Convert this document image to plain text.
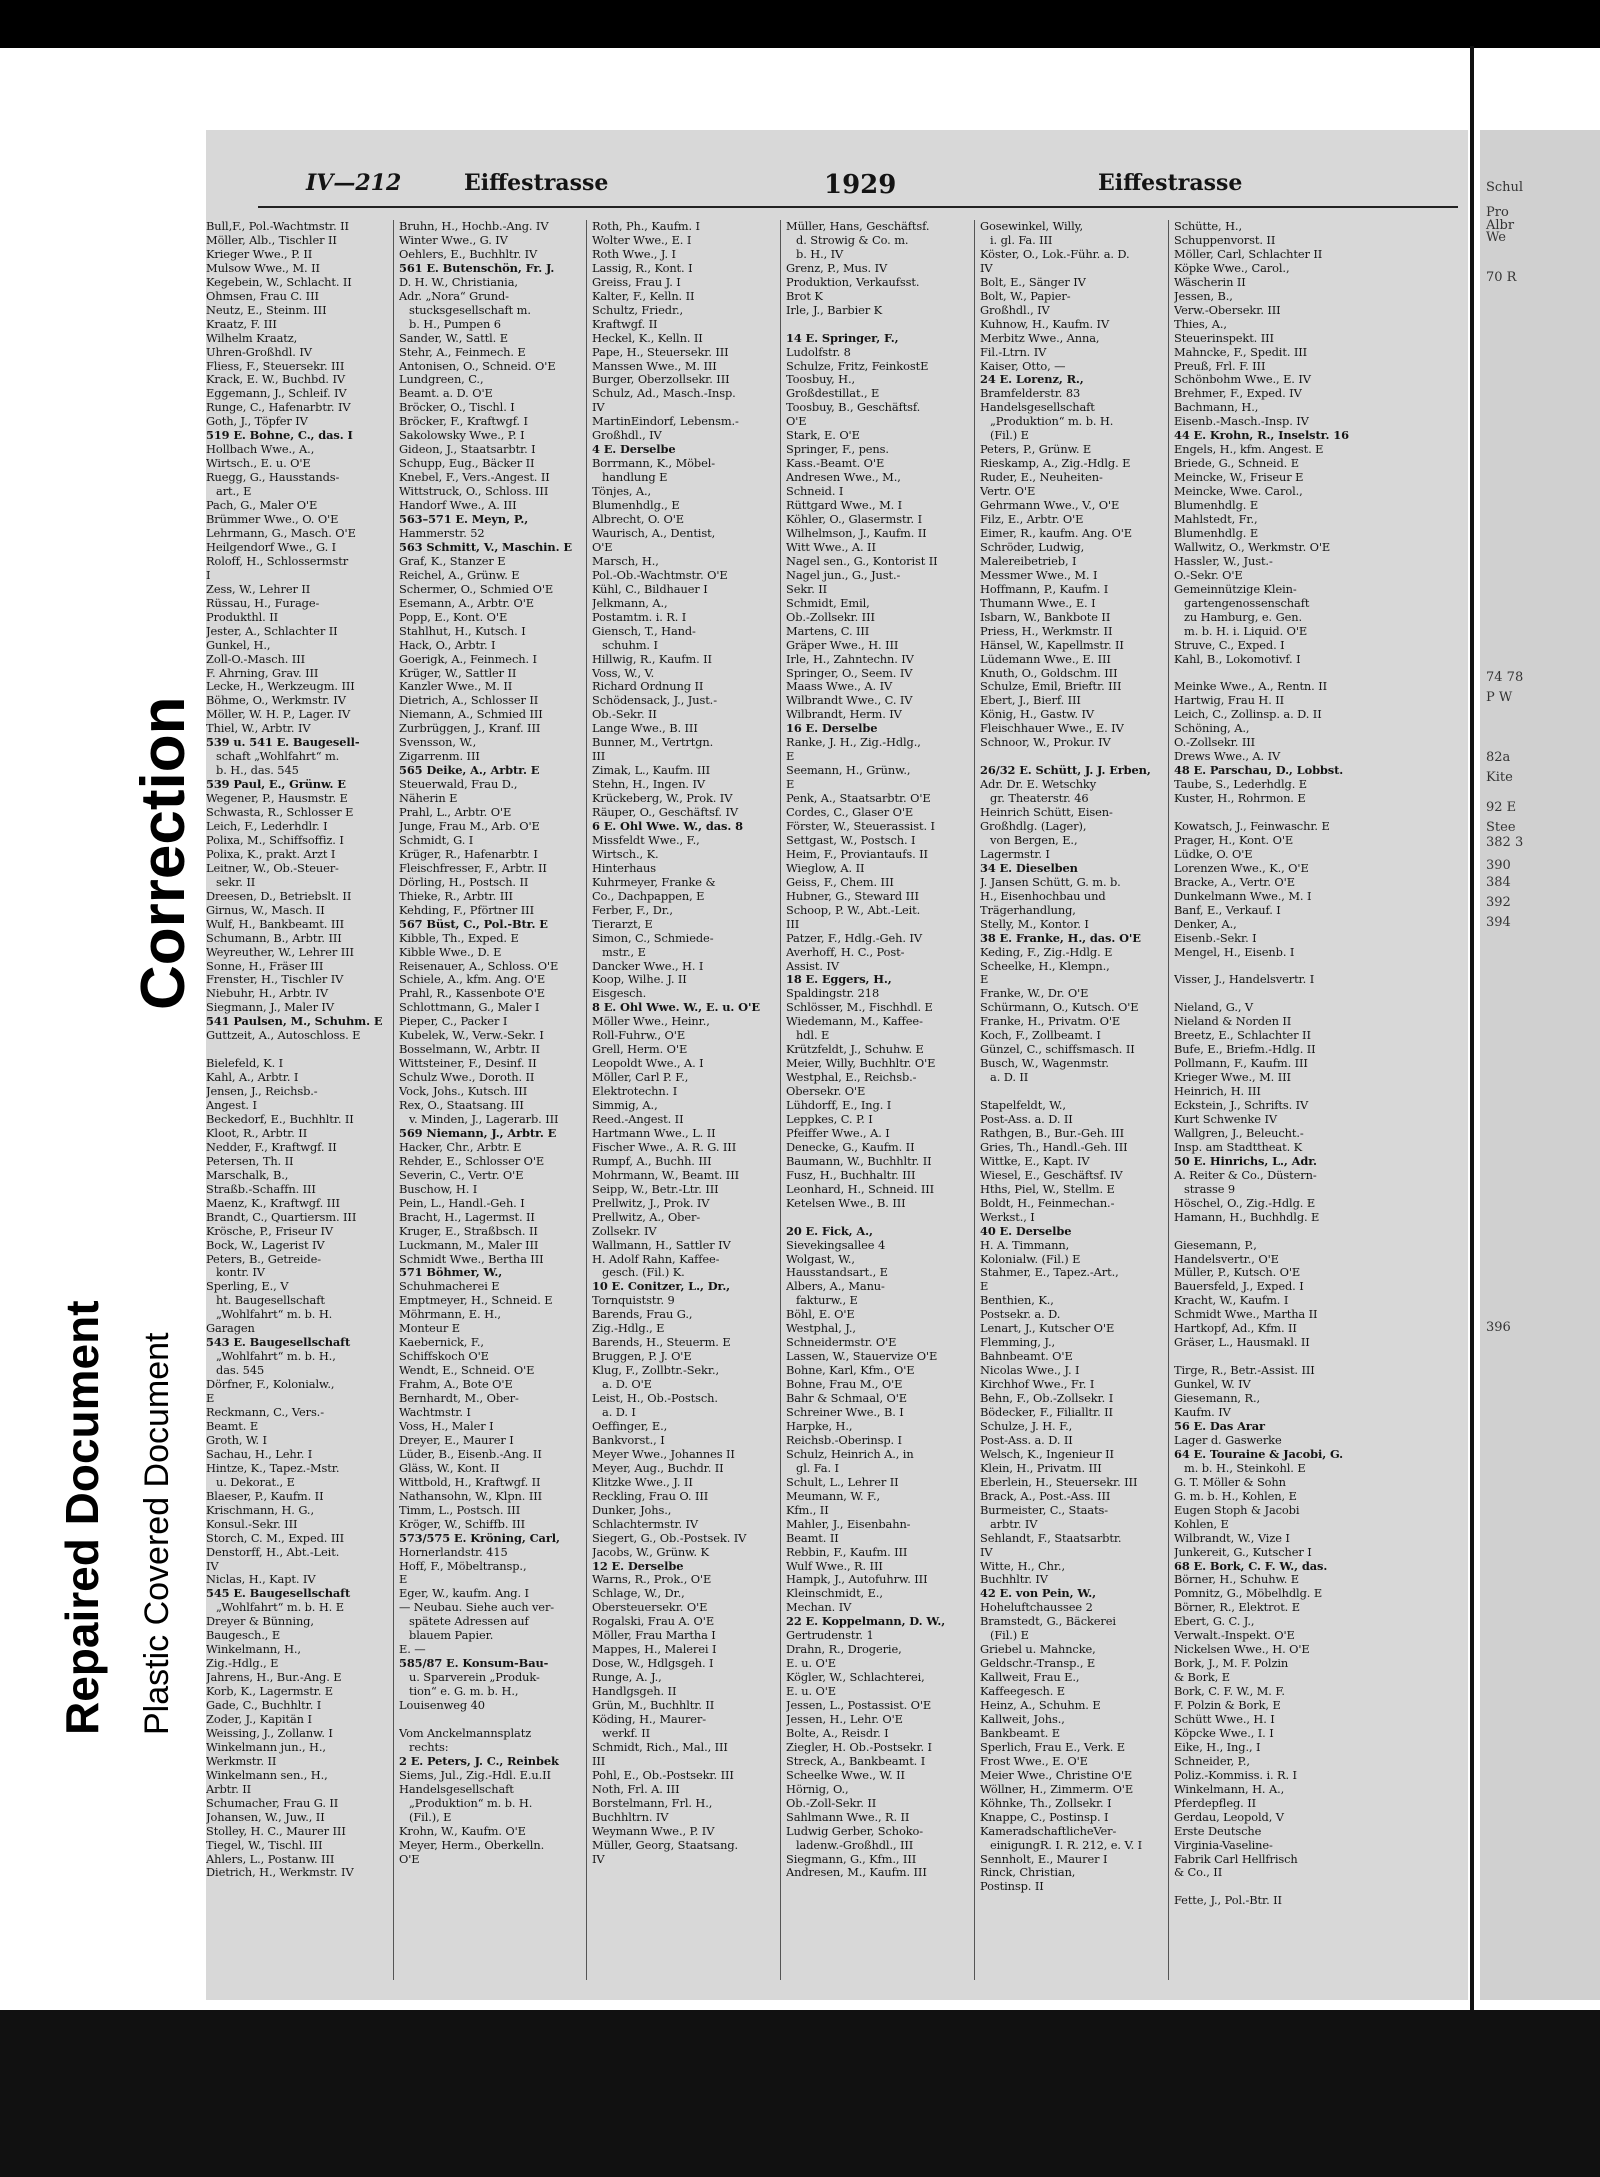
Correction
Repaired Document Plastic Covered Document
IV—212	Eiffestrasse	1929	Eiffestrasse
Bull,F., Pol.-Wachtmstr. II
Möller, Alb., Tischler II
Krieger Wwe., P. II
Mulsow Wwe., M. II
Kegebein, W., Schlacht. II
Ohmsen, Frau C. III
Neutz, E., Steinm. III
Kraatz, F. III
Wilhelm Kraatz,
Uhren-Großhdl. IV
Fliess, F., Steuersekr. III
Krack, E. W., Buchbd. IV
Eggemann, J., Schleif. IV
Runge, C., Hafenarbtr. IV
Goth, J., Töpfer IV
519 E. Bohne, C., das. I
Hollbach Wwe., A.,
Wirtsch., E. u. O'E
Ruegg, G., Hausstands-
art., E
Pach, G., Maler O'E
Brümmer Wwe., O. O'E
Lehrmann, G., Masch. O'E
Heilgendorf Wwe., G. I
Roloff, H., Schlossermstr
I
Zess, W., Lehrer II
Rüssau, H., Furage-
Produkthl. II
Jester, A., Schlachter II
Gunkel, H.,
Zoll-O.-Masch. III
F. Ahrning, Grav. III
Lecke, H., Werkzeugm. III
Böhme, O., Werkmstr. IV
Möller, W. H. P., Lager. IV
Thiel, W., Arbtr. IV
539 u. 541 E. Baugesell-
schaft „Wohlfahrt“ m.
b. H., das. 545
539 Paul, E., Grünw. E
Wegener, P., Hausmstr. E
Schwasta, R., Schlosser E
Leich, F., Lederhdlr. I
Polixa, M., Schiffsoffiz. I
Polixa, K., prakt. Arzt I
Leitner, W., Ob.-Steuer-
sekr. II
Dreesen, D., Betriebslt. II
Girnus, W., Masch. II
Wulf, H., Bankbeamt. III
Schumann, B., Arbtr. III
Weyreuther, W., Lehrer III
Sonne, H., Fräser III
Frenster, H., Tischler IV
Niebuhr, H., Arbtr. IV
Siegmann, J., Maler IV
541 Paulsen, M., Schuhm. E
Guttzeit, A., Autoschloss. E

Bielefeld, K. I
Kahl, A., Arbtr. I
Jensen, J., Reichsb.-
Angest. I
Beckedorf, E., Buchhltr. II
Kloot, R., Arbtr. II
Nedder, F., Kraftwgf. II
Petersen, Th. II
Marschalk, B.,
Straßb.-Schaffn. III
Maenz, K., Kraftwgf. III
Brandt, C., Quartiersm. III
Krösche, P., Friseur IV
Bock, W., Lagerist IV
Peters, B., Getreide-
kontr. IV
Sperling, E., V
ht. Baugesellschaft
„Wohlfahrt“ m. b. H.
Garagen
543 E. Baugesellschaft
„Wohlfahrt“ m. b. H.,
das. 545
Dörfner, F., Kolonialw.,
E
Reckmann, C., Vers.-
Beamt. E
Groth, W. I
Sachau, H., Lehr. I
Hintze, K., Tapez.-Mstr.
u. Dekorat., E
Blaeser, P., Kaufm. II
Krischmann, H. G.,
Konsul.-Sekr. III
Storch, C. M., Exped. III
Denstorff, H., Abt.-Leit.
IV
Niclas, H., Kapt. IV
545 E. Baugesellschaft
„Wohlfahrt“ m. b. H. E
Dreyer & Bünning,
Baugesch., E
Winkelmann, H.,
Zig.-Hdlg., E
Jahrens, H., Bur.-Ang. E
Korb, K., Lagermstr. E
Gade, C., Buchhltr. I
Zoder, J., Kapitän I
Weissing, J., Zollanw. I
Winkelmann jun., H.,
Werkmstr. II
Winkelmann sen., H.,
Arbtr. II
Schumacher, Frau G. II
Johansen, W., Juw., II
Stolley, H. C., Maurer III
Tiegel, W., Tischl. III
Ahlers, L., Postanw. III
Dietrich, H., Werkmstr. IV
Bruhn, H., Hochb.-Ang. IV
Winter Wwe., G. IV
Oehlers, E., Buchhltr. IV
561 E. Butenschön, Fr. J.
D. H. W., Christiania,
Adr. „Nora“ Grund-
stucksgesellschaft m.
b. H., Pumpen 6
Sander, W., Sattl. E
Stehr, A., Feinmech. E
Antonisen, O., Schneid. O'E
Lundgreen, C.,
Beamt. a. D. O'E
Bröcker, O., Tischl. I
Bröcker, F., Kraftwgf. I
Sakolowsky Wwe., P. I
Gideon, J., Staatsarbtr. I
Schupp, Eug., Bäcker II
Knebel, F., Vers.-Angest. II
Wittstruck, O., Schloss. III
Handorf Wwe., A. III
563–571 E. Meyn, P.,
Hammerstr. 52
563 Schmitt, V., Maschin. E
Graf, K., Stanzer E
Reichel, A., Grünw. E
Schermer, O., Schmied O'E
Esemann, A., Arbtr. O'E
Popp, E., Kont. O'E
Stahlhut, H., Kutsch. I
Hack, O., Arbtr. I
Goerigk, A., Feinmech. I
Krüger, W., Sattler II
Kanzler Wwe., M. II
Dietrich, A., Schlosser II
Niemann, A., Schmied III
Zurbrüggen, J., Kranf. III
Svensson, W.,
Zigarrenm. III
565 Deike, A., Arbtr. E
Steuerwald, Frau D.,
Näherin E
Prahl, L., Arbtr. O'E
Junge, Frau M., Arb. O'E
Schmidt, G. I
Krüger, R., Hafenarbtr. I
Fleischfresser, F., Arbtr. II
Dörling, H., Postsch. II
Thieke, R., Arbtr. III
Kehding, F., Pförtner III
567 Büst, C., Pol.-Btr. E
Kibble, Th., Exped. E
Kibble Wwe., D. E
Reisenauer, A., Schloss. O'E
Schiele, A., kfm. Ang. O'E
Prahl, R., Kassenbote O'E
Schlottmann, G., Maler I
Pieper, C., Packer I
Kubelek, W., Verw.-Sekr. I
Bosselmann, W., Arbtr. II
Wittsteiner, F., Desinf. II
Schulz Wwe., Doroth. II
Vock, Johs., Kutsch. III
Rex, O., Staatsang. III
v. Minden, J., Lagerarb. III
569 Niemann, J., Arbtr. E
Hacker, Chr., Arbtr. E
Rehder, E., Schlosser O'E
Severin, C., Vertr. O'E
Buschow, H. I
Pein, L., Handl.-Geh. I
Bracht, H., Lagermst. II
Kruger, E., Straßbsch. II
Luckmann, M., Maler III
Schmidt Wwe., Bertha III
571 Böhmer, W.,
Schuhmacherei E
Emptmeyer, H., Schneid. E
Möhrmann, E. H.,
Monteur E
Kaebernick, F.,
Schiffskoch O'E
Wendt, E., Schneid. O'E
Frahm, A., Bote O'E
Bernhardt, M., Ober-
Wachtmstr. I
Voss, H., Maler I
Dreyer, E., Maurer I
Lüder, B., Eisenb.-Ang. II
Gläss, W., Kont. II
Wittbold, H., Kraftwgf. II
Nathansohn, W., Klpn. III
Timm, L., Postsch. III
Kröger, W., Schiffb. III
573/575 E. Kröning, Carl,
Hornerlandstr. 415
Hoff, F., Möbeltransp.,
E
Eger, W., kaufm. Ang. I
— Neubau. Siehe auch ver-
spätete Adressen auf
blauem Papier.
E. —
585/87 E. Konsum-Bau-
u. Sparverein „Produk-
tion“ e. G. m. b. H.,
Louisenweg 40

Vom Anckelmannsplatz
rechts:
2 E. Peters, J. C., Reinbek
Siems, Jul., Zig.-Hdl. E.u.II
Handelsgesellschaft
„Produktion“ m. b. H.
(Fil.), E
Krohn, W., Kaufm. O'E
Meyer, Herm., Oberkelln.
O'E
Roth, Ph., Kaufm. I
Wolter Wwe., E. I
Roth Wwe., J. I
Lassig, R., Kont. I
Greiss, Frau J. I
Kalter, F., Kelln. II
Schultz, Friedr.,
Kraftwgf. II
Heckel, K., Kelln. II
Pape, H., Steuersekr. III
Manssen Wwe., M. III
Burger, Oberzollsekr. III
Schulz, Ad., Masch.-Insp.
IV
MartinEindorf, Lebensm.-
Großhdl., IV
4 E. Derselbe
Borrmann, K., Möbel-
handlung E
Tönjes, A.,
Blumenhdlg., E
Albrecht, O. O'E
Waurisch, A., Dentist,
O'E
Marsch, H.,
Pol.-Ob.-Wachtmstr. O'E
Kühl, C., Bildhauer I
Jelkmann, A.,
Postamtm. i. R. I
Giensch, T., Hand-
schuhm. I
Hillwig, R., Kaufm. II
Voss, W., V.
Richard Ordnung II
Schödensack, J., Just.-
Ob.-Sekr. II
Lange Wwe., B. III
Bunner, M., Vertrtgn.
III
Zimak, L., Kaufm. III
Stehn, H., Ingen. IV
Krückeberg, W., Prok. IV
Räuper, O., Geschäftsf. IV
6 E. Ohl Wwe. W., das. 8
Missfeldt Wwe., F.,
Wirtsch., K.
Hinterhaus
Kuhrmeyer, Franke &
Co., Dachpappen, E
Ferber, F., Dr.,
Tierarzt, E
Simon, C., Schmiede-
mstr., E
Dancker Wwe., H. I
Koop, Wilhe. J. II
Eisgesch.
8 E. Ohl Wwe. W., E. u. O'E
Möller Wwe., Heinr.,
Roll-Fuhrw., O'E
Grell, Herm. O'E
Leopoldt Wwe., A. I
Möller, Carl P. F.,
Elektrotechn. I
Simmig, A.,
Reed.-Angest. II
Hartmann Wwe., L. II
Fischer Wwe., A. R. G. III
Rumpf, A., Buchh. III
Mohrmann, W., Beamt. III
Seipp, W., Betr.-Ltr. III
Prellwitz, J., Prok. IV
Prellwitz, A., Ober-
Zollsekr. IV
Wallmann, H., Sattler IV
H. Adolf Rahn, Kaffee-
gesch. (Fil.) K.
10 E. Conitzer, L., Dr.,
Tornquiststr. 9
Barends, Frau G.,
Zig.-Hdlg., E
Barends, H., Steuerm. E
Bruggen, P. J. O'E
Klug, F., Zollbtr.-Sekr.,
a. D. O'E
Leist, H., Ob.-Postsch.
a. D. I
Oeffinger, E.,
Bankvorst., I
Meyer Wwe., Johannes II
Meyer, Aug., Buchdr. II
Klitzke Wwe., J. II
Reckling, Frau O. III
Dunker, Johs.,
Schlachtermstr. IV
Siegert, G., Ob.-Postsek. IV
Jacobs, W., Grünw. K
12 E. Derselbe
Warns, R., Prok., O'E
Schlage, W., Dr.,
Obersteuersekr. O'E
Rogalski, Frau A. O'E
Möller, Frau Martha I
Mappes, H., Malerei I
Dose, W., Hdlgsgeh. I
Runge, A. J.,
Handlgsgeh. II
Grün, M., Buchhltr. II
Köding, H., Maurer-
werkf. II
Schmidt, Rich., Mal., III
III
Pohl, E., Ob.-Postsekr. III
Noth, Frl. A. III
Borstelmann, Frl. H.,
Buchhltrn. IV
Weymann Wwe., P. IV
Müller, Georg, Staatsang.
IV
Müller, Hans, Geschäftsf.
d. Strowig & Co. m.
b. H., IV
Grenz, P., Mus. IV
Produktion, Verkaufsst.
Brot K
Irle, J., Barbier K

14 E. Springer, F.,
Ludolfstr. 8
Schulze, Fritz, FeinkostE
Toosbuy, H.,
Großdestillat., E
Toosbuy, B., Geschäftsf.
O'E
Stark, E. O'E
Springer, F., pens.
Kass.-Beamt. O'E
Andresen Wwe., M.,
Schneid. I
Rüttgard Wwe., M. I
Köhler, O., Glasermstr. I
Wilhelmson, J., Kaufm. II
Witt Wwe., A. II
Nagel sen., G., Kontorist II
Nagel jun., G., Just.-
Sekr. II
Schmidt, Emil,
Ob.-Zollsekr. III
Martens, C. III
Gräper Wwe., H. III
Irle, H., Zahntechn. IV
Springer, O., Seem. IV
Maass Wwe., A. IV
Wilbrandt Wwe., C. IV
Wilbrandt, Herm. IV
16 E. Derselbe
Ranke, J. H., Zig.-Hdlg.,
E
Seemann, H., Grünw.,
E
Penk, A., Staatsarbtr. O'E
Cordes, C., Glaser O'E
Förster, W., Steuerassist. I
Settgast, W., Postsch. I
Heim, F., Proviantaufs. II
Wieglow, A. II
Geiss, F., Chem. III
Hubner, G., Steward III
Schoop, P. W., Abt.-Leit.
III
Patzer, F., Hdlg.-Geh. IV
Averhoff, H. C., Post-
Assist. IV
18 E. Eggers, H.,
Spaldingstr. 218
Schlösser, M., Fischhdl. E
Wiedemann, M., Kaffee-
hdl. E
Krützfeldt, J., Schuhw. E
Meier, Willy, Buchhltr. O'E
Westphal, E., Reichsb.-
Obersekr. O'E
Lühdorff, E., Ing. I
Leppkes, C. P. I
Pfeiffer Wwe., A. I
Denecke, G., Kaufm. II
Baumann, W., Buchhltr. II
Fusz, H., Buchhaltr. III
Leonhard, H., Schneid. III
Ketelsen Wwe., B. III

20 E. Fick, A.,
Sievekingsallee 4
Wolgast, W.,
Hausstandsart., E
Albers, A., Manu-
fakturw., E
Böhl, E. O'E
Westphal, J.,
Schneidermstr. O'E
Lassen, W., Stauervize O'E
Bohne, Karl, Kfm., O'E
Bohne, Frau M., O'E
Bahr & Schmaal, O'E
Schreiner Wwe., B. I
Harpke, H.,
Reichsb.-Oberinsp. I
Schulz, Heinrich A., in
gl. Fa. I
Schult, L., Lehrer II
Meumann, W. F.,
Kfm., II
Mahler, J., Eisenbahn-
Beamt. II
Rebbin, F., Kaufm. III
Wulf Wwe., R. III
Hampk, J., Autofuhrw. III
Kleinschmidt, E.,
Mechan. IV
22 E. Koppelmann, D. W.,
Gertrudenstr. 1
Drahn, R., Drogerie,
E. u. O'E
Kögler, W., Schlachterei,
E. u. O'E
Jessen, L., Postassist. O'E
Jessen, H., Lehr. O'E
Bolte, A., Reisdr. I
Ziegler, H. Ob.-Postsekr. I
Streck, A., Bankbeamt. I
Scheelke Wwe., W. II
Hörnig, O.,
Ob.-Zoll-Sekr. II
Sahlmann Wwe., R. II
Ludwig Gerber, Schoko-
ladenw.-Großhdl., III
Siegmann, G., Kfm., III
Andresen, M., Kaufm. III
Gosewinkel, Willy,
i. gl. Fa. III
Köster, O., Lok.-Führ. a. D.
IV
Bolt, E., Sänger IV
Bolt, W., Papier-
Großhdl., IV
Kuhnow, H., Kaufm. IV
Merbitz Wwe., Anna,
Fil.-Ltrn. IV
Kaiser, Otto, —
24 E. Lorenz, R.,
Bramfelderstr. 83
Handelsgesellschaft
„Produktion“ m. b. H.
(Fil.) E
Peters, P., Grünw. E
Rieskamp, A., Zig.-Hdlg. E
Ruder, E., Neuheiten-
Vertr. O'E
Gehrmann Wwe., V., O'E
Filz, E., Arbtr. O'E
Eimer, R., kaufm. Ang. O'E
Schröder, Ludwig,
Malereibetrieb, I
Messmer Wwe., M. I
Hoffmann, P., Kaufm. I
Thumann Wwe., E. I
Isbarn, W., Bankbote II
Priess, H., Werkmstr. II
Hänsel, W., Kapellmstr. II
Lüdemann Wwe., E. III
Knuth, O., Goldschm. III
Schulze, Emil, Brieftr. III
Ebert, J., Bierf. III
König, H., Gastw. IV
Fleischhauer Wwe., E. IV
Schnoor, W., Prokur. IV

26/32 E. Schütt, J. J. Erben,
Adr. Dr. E. Wetschky
gr. Theaterstr. 46
Heinrich Schütt, Eisen-
Großhdlg. (Lager),
von Bergen, E.,
Lagermstr. I
34 E. Dieselben
J. Jansen Schütt, G. m. b.
H., Eisenhochbau und
Trägerhandlung,
Stelly, M., Kontor. I
38 E. Franke, H., das. O'E
Keding, F., Zig.-Hdlg. E
Scheelke, H., Klempn.,
E
Franke, W., Dr. O'E
Schürmann, O., Kutsch. O'E
Franke, H., Privatm. O'E
Koch, F., Zollbeamt. I
Günzel, C., schiffsmasch. II
Busch, W., Wagenmstr.
a. D. II

Stapelfeldt, W.,
Post-Ass. a. D. II
Rathgen, B., Bur.-Geh. III
Gries, Th., Handl.-Geh. III
Wittke, E., Kapt. IV
Wiesel, E., Geschäftsf. IV
Hths, Piel, W., Stellm. E
Boldt, H., Feinmechan.-
Werkst., I
40 E. Derselbe
H. A. Timmann,
Kolonialw. (Fil.) E
Stahmer, E., Tapez.-Art.,
E
Benthien, K.,
Postsekr. a. D.
Lenart, J., Kutscher O'E
Flemming, J.,
Bahnbeamt. O'E
Nicolas Wwe., J. I
Kirchhof Wwe., Fr. I
Behn, F., Ob.-Zollsekr. I
Bödecker, F., Filialltr. II
Schulze, J. H. F.,
Post-Ass. a. D. II
Welsch, K., Ingenieur II
Klein, H., Privatm. III
Eberlein, H., Steuersekr. III
Brack, A., Post.-Ass. III
Burmeister, C., Staats-
arbtr. IV
Sehlandt, F., Staatsarbtr.
IV
Witte, H., Chr.,
Buchhltr. IV
42 E. von Pein, W.,
Hoheluftchaussee 2
Bramstedt, G., Bäckerei
(Fil.) E
Griebel u. Mahncke,
Geldschr.-Transp., E
Kallweit, Frau E.,
Kaffeegesch. E
Heinz, A., Schuhm. E
Kallweit, Johs.,
Bankbeamt. E
Sperlich, Frau E., Verk. E
Frost Wwe., E. O'E
Meier Wwe., Christine O'E
Wöllner, H., Zimmerm. O'E
Köhnke, Th., Zollsekr. I
Knappe, C., Postinsp. I
KameradschaftlicheVer-
einigungR. I. R. 212, e. V. I
Sennholt, E., Maurer I
Rinck, Christian,
Postinsp. II
Schütte, H.,
Schuppenvorst. II
Möller, Carl, Schlachter II
Köpke Wwe., Carol.,
Wäscherin II
Jessen, B.,
Verw.-Obersekr. III
Thies, A.,
Steuerinspekt. III
Mahncke, F., Spedit. III
Preuß, Frl. F. III
Schönbohm Wwe., E. IV
Brehmer, F., Exped. IV
Bachmann, H.,
Eisenb.-Masch.-Insp. IV
44 E. Krohn, R., Inselstr. 16
Engels, H., kfm. Angest. E
Briede, G., Schneid. E
Meincke, W., Friseur E
Meincke, Wwe. Carol.,
Blumenhdlg. E
Mahlstedt, Fr.,
Blumenhdlg. E
Wallwitz, O., Werkmstr. O'E
Hassler, W., Just.-
O.-Sekr. O'E
Gemeinnützige Klein-
gartengenossenschaft
zu Hamburg, e. Gen.
m. b. H. i. Liquid. O'E
Struve, C., Exped. I
Kahl, B., Lokomotivf. I

Meinke Wwe., A., Rentn. II
Hartwig, Frau H. II
Leich, C., Zollinsp. a. D. II
Schöning, A.,
O.-Zollsekr. III
Drews Wwe., A. IV
48 E. Parschau, D., Lobbst.
Taube, S., Lederhdlg. E
Kuster, H., Rohrmon. E

Kowatsch, J., Feinwaschr. E
Prager, H., Kont. O'E
Lüdke, O. O'E
Lorenzen Wwe., K., O'E
Bracke, A., Vertr. O'E
Dunkelmann Wwe., M. I
Banf, E., Verkauf. I
Denker, A.,
Eisenb.-Sekr. I
Mengel, H., Eisenb. I

Visser, J., Handelsvertr. I

Nieland, G., V
Nieland & Norden II
Breetz, E., Schlachter II
Bufe, E., Briefm.-Hdlg. II
Pollmann, F., Kaufm. III
Krieger Wwe., M. III
Heinrich, H. III
Eckstein, J., Schrifts. IV
Kurt Schwenke IV
Wallgren, J., Beleucht.-
Insp. am Stadttheat. K
50 E. Hinrichs, L., Adr.
A. Reiter & Co., Düstern-
strasse 9
Höschel, O., Zig.-Hdlg. E
Hamann, H., Buchhdlg. E

Giesemann, P.,
Handelsvertr., O'E
Müller, P., Kutsch. O'E
Bauersfeld, J., Exped. I
Kracht, W., Kaufm. I
Schmidt Wwe., Martha II
Hartkopf, Ad., Kfm. II
Gräser, L., Hausmakl. II

Tirge, R., Betr.-Assist. III
Gunkel, W. IV
Giesemann, R.,
Kaufm. IV
56 E. Das Arar
Lager d. Gaswerke
64 E. Touraine & Jacobi, G.
m. b. H., Steinkohl. E
G. T. Möller & Sohn
G. m. b. H., Kohlen, E
Eugen Stoph & Jacobi
Kohlen, E
Wilbrandt, W., Vize I
Junkereit, G., Kutscher I
68 E. Bork, C. F. W., das.
Börner, H., Schuhw. E
Pomnitz, G., Möbelhdlg. E
Börner, R., Elektrot. E
Ebert, G. C. J.,
Verwalt.-Inspekt. O'E
Nickelsen Wwe., H. O'E
Bork, J., M. F. Polzin
& Bork, E
Bork, C. F. W., M. F.
F. Polzin & Bork, E
Schütt Wwe., H. I
Köpcke Wwe., I. I
Eike, H., Ing., I
Schneider, P.,
Poliz.-Kommiss. i. R. I
Winkelmann, H. A.,
Pferdepfleg. II
Gerdau, Leopold, V
Erste Deutsche
Virginia-Vaseline-
Fabrik Carl Hellfrisch
& Co., II

Fette, J., Pol.-Btr. II
Schul
Pro
Albr
We
70 R
74 78
P W
82a
Kite
92 E
Stee
382 3
390
384
392
394
396
